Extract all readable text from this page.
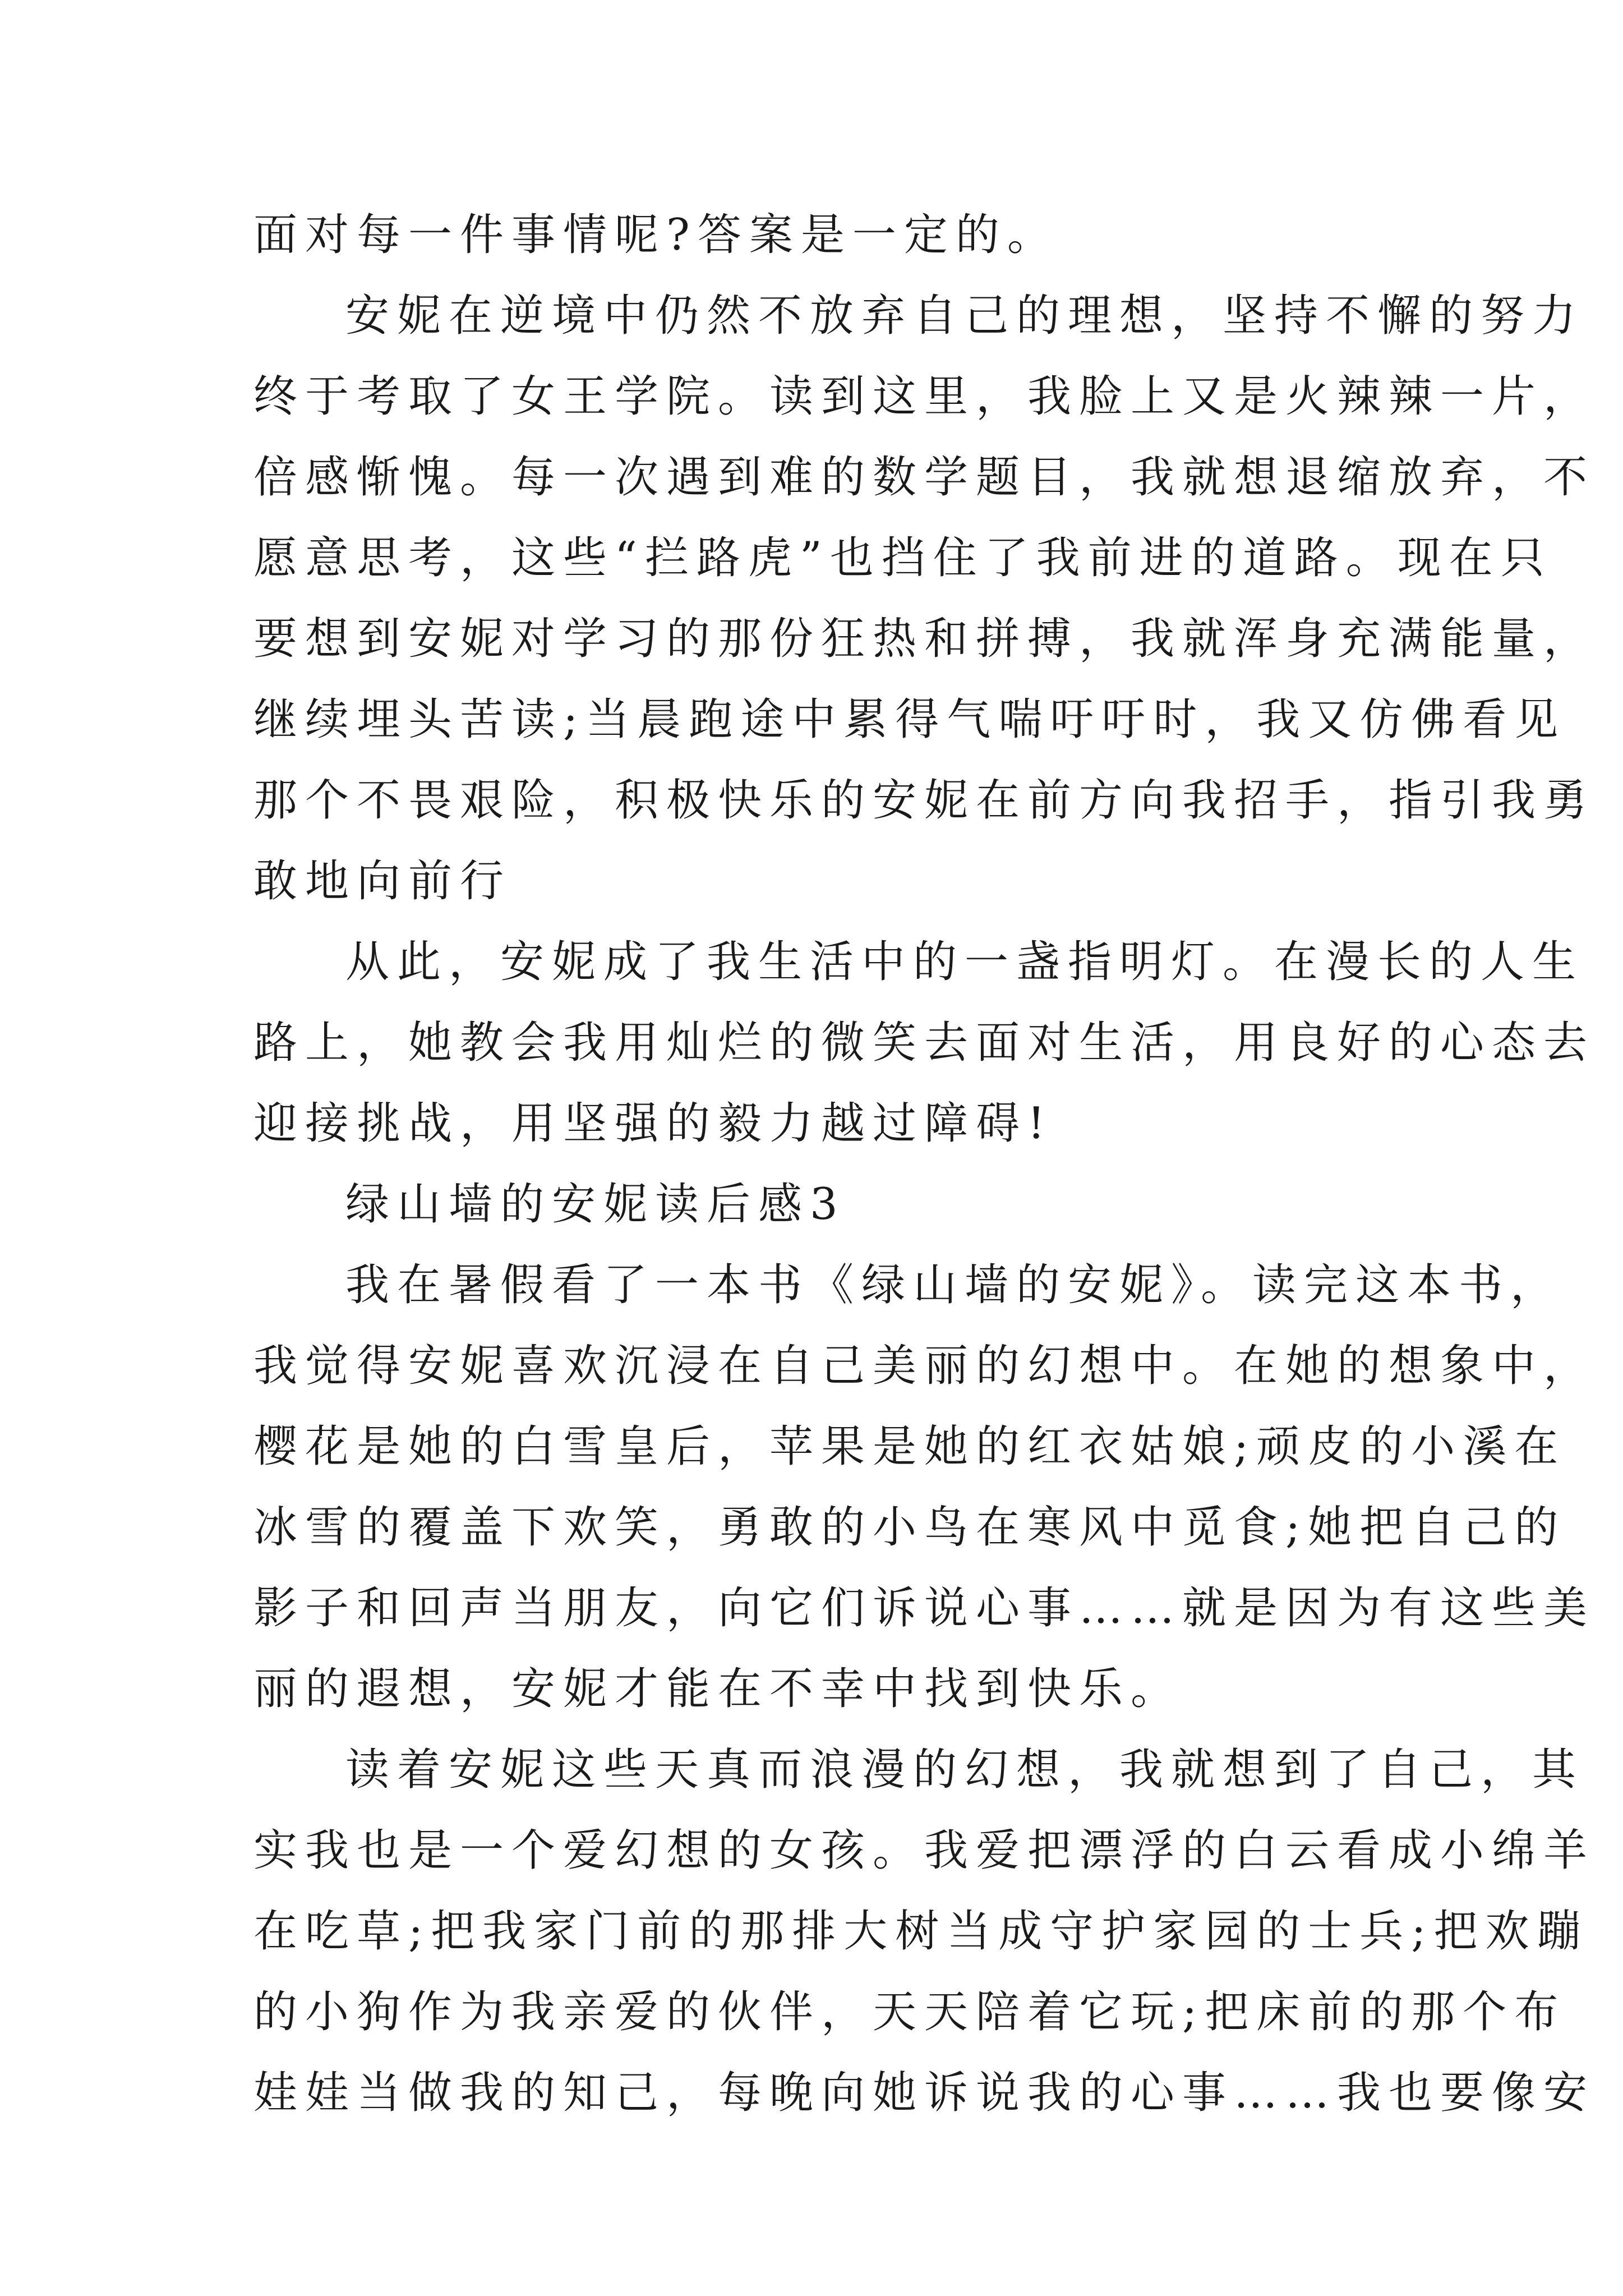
面对每一件事情呢?答案是一定的。
安妮在逆境中仍然不放弃自己的理想，坚持不懈的努力
终于考取了女王学院。读到这里，我脸上又是火辣辣一片，
倍感惭愧。每一次遇到难的数学题目，我就想退缩放弃，不
愿意思考，这些“拦路虎”也挡住了我前进的道路。现在只
要想到安妮对学习的那份狂热和拼搏，我就浑身充满能量，
继续埋头苦读;当晨跑途中累得气喘吁吁时，我又仿佛看见
那个不畏艰险，积极快乐的安妮在前方向我招手，指引我勇
敢地向前行
从此，安妮成了我生活中的一盏指明灯。在漫长的人生
路上，她教会我用灿烂的微笑去面对生活，用良好的心态去
迎接挑战，用坚强的毅力越过障碍!
绿山墙的安妮读后感3
我在暑假看了一本书《绿山墙的安妮》。读完这本书，
我觉得安妮喜欢沉浸在自己美丽的幻想中。在她的想象中，
樱花是她的白雪皇后，苹果是她的红衣姑娘;顽皮的小溪在
冰雪的覆盖下欢笑，勇敢的小鸟在寒风中觅食;她把自己的
影子和回声当朋友，向它们诉说心事……就是因为有这些美
丽的遐想，安妮才能在不幸中找到快乐。
读着安妮这些天真而浪漫的幻想，我就想到了自己，其
实我也是一个爱幻想的女孩。我爱把漂浮的白云看成小绵羊
在吃草;把我家门前的那排大树当成守护家园的士兵;把欢蹦
的小狗作为我亲爱的伙伴，天天陪着它玩;把床前的那个布
娃娃当做我的知己，每晚向她诉说我的心事……我也要像安
